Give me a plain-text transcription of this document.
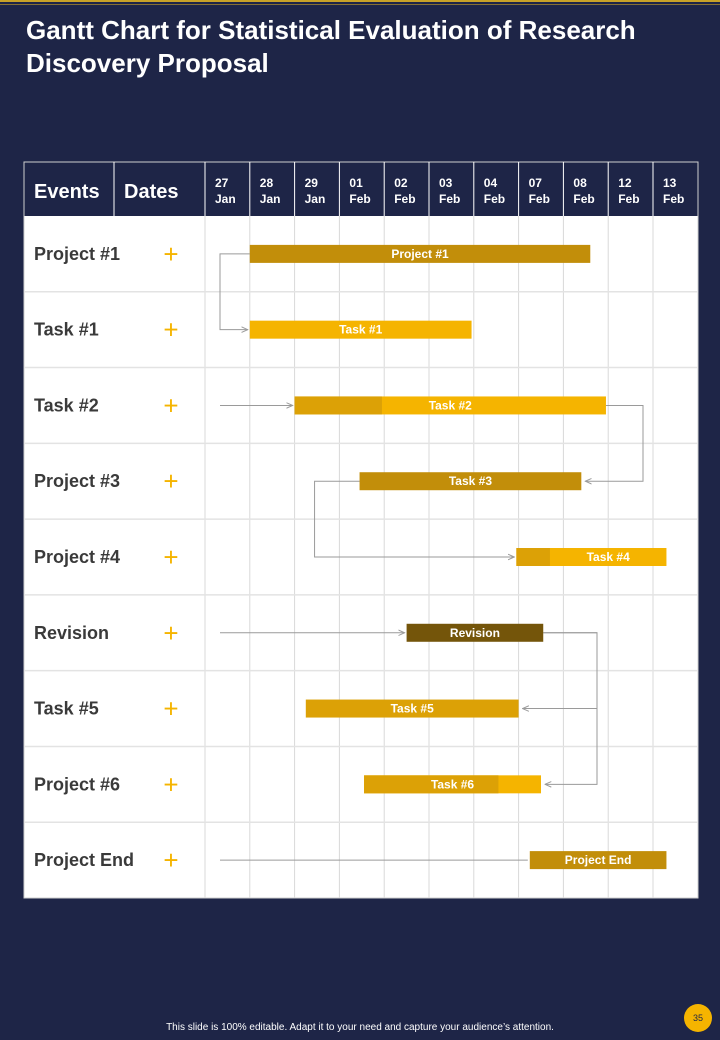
Gantt Chart for Statistical Evaluation of Research Discovery Proposal
Events Dates	27
Jan
28
Jan
29
Jan
01
Feb
02
Feb
03
Feb
04
Feb
07
Feb
08
Feb
12
Feb
13
Feb
Project #1 +
Task #1 +
Task #2 +
Project #3 +
Project #4 +
Revision +
Task #5 +
Project #6 +
Project End +
Project #1
Task #1
Task #2
Task #3
Task #4
Revision
Task #5
Task #6
Project End
This slide is 100% editable. Adapt it to your need and capture your audience’s attention.
35
